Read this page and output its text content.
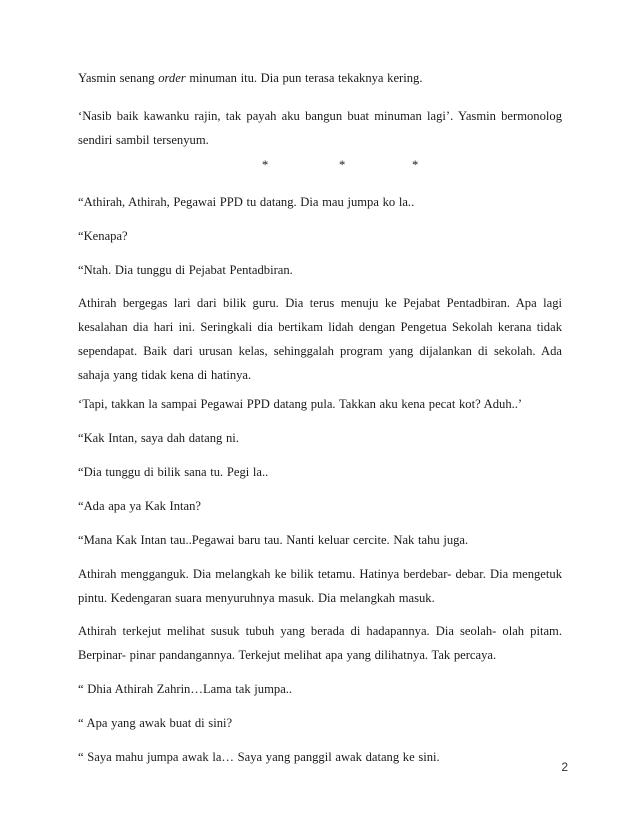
Yasmin senang order minuman itu. Dia pun terasa tekaknya kering.

‘Nasib baik kawanku rajin, tak payah aku bangun buat minuman lagi’. Yasmin bermonolog sendiri sambil tersenyum.

*	*	*

“Athirah, Athirah, Pegawai PPD tu datang. Dia mau jumpa ko la..

“Kenapa?

“Ntah. Dia tunggu di Pejabat Pentadbiran.

Athirah bergegas lari dari bilik guru. Dia terus menuju ke Pejabat Pentadbiran. Apa lagi kesalahan dia hari ini. Seringkali dia bertikam lidah dengan Pengetua Sekolah kerana tidak sependapat. Baik dari urusan kelas, sehinggalah program yang dijalankan di sekolah. Ada sahaja yang tidak kena di hatinya.

‘Tapi, takkan la sampai Pegawai PPD datang pula. Takkan aku kena pecat kot? Aduh..’

“Kak Intan, saya dah datang ni.

“Dia tunggu di bilik sana tu. Pegi la..

“Ada apa ya Kak Intan?

“Mana Kak Intan tau..Pegawai baru tau. Nanti keluar cercite. Nak tahu juga.

Athirah mengganguk. Dia melangkah ke bilik tetamu. Hatinya berdebar- debar. Dia mengetuk pintu. Kedengaran suara menyuruhnya masuk. Dia melangkah masuk.

Athirah terkejut melihat susuk tubuh yang berada di hadapannya. Dia seolah- olah pitam. Berpinar- pinar pandangannya. Terkejut melihat apa yang dilihatnya. Tak percaya.

“ Dhia Athirah Zahrin…Lama tak jumpa..

“ Apa yang awak buat di sini?

“ Saya mahu jumpa awak la… Saya yang panggil awak datang ke sini.

2
